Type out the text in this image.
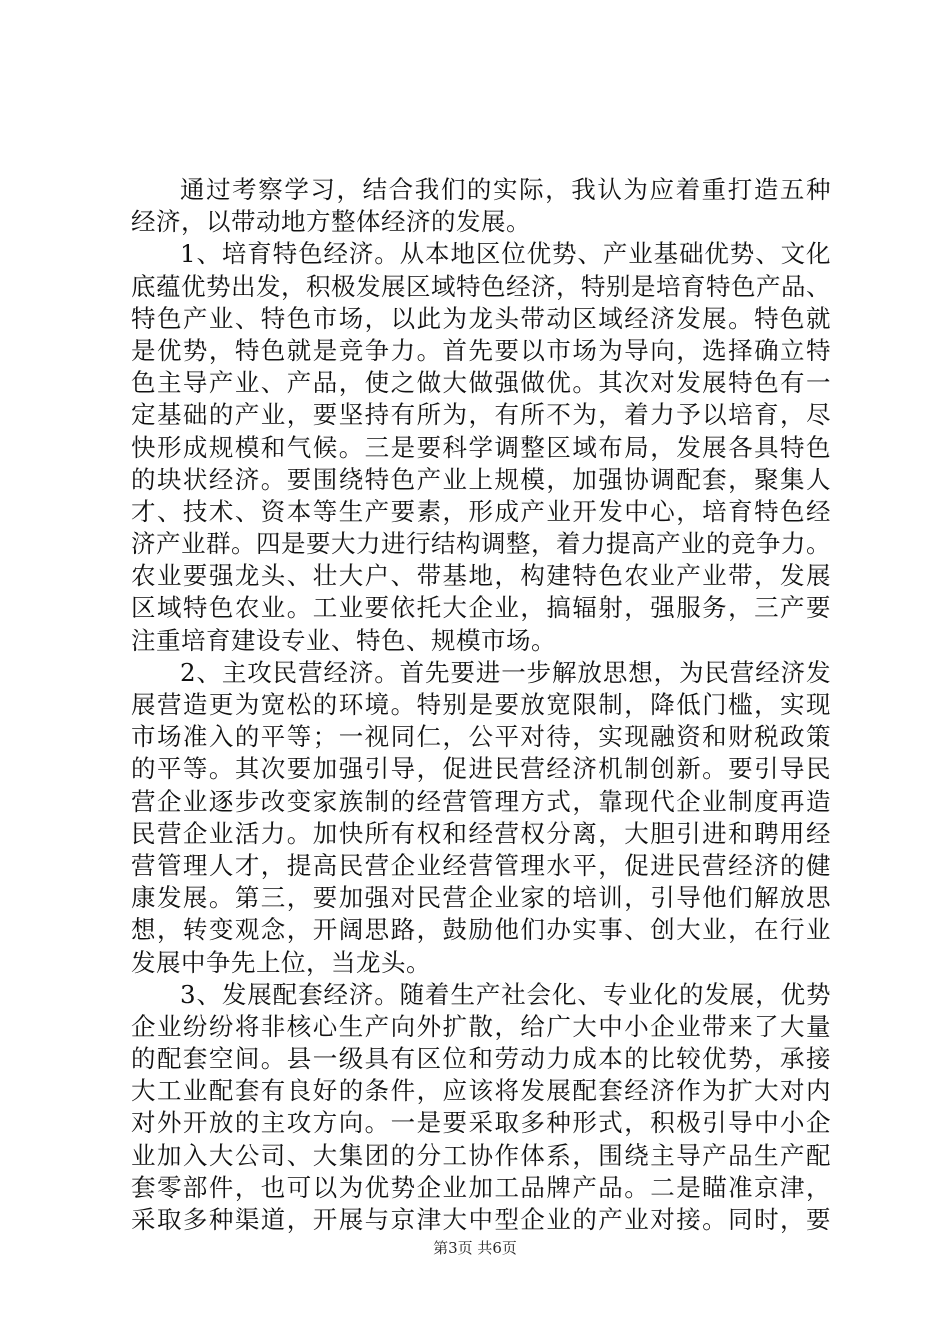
通过考察学习，结合我们的实际，我认为应着重打造五种
经济，以带动地方整体经济的发展。
1、培育特色经济。从本地区位优势、产业基础优势、文化
底蕴优势出发，积极发展区域特色经济，特别是培育特色产品、
特色产业、特色市场，以此为龙头带动区域经济发展。特色就
是优势，特色就是竞争力。首先要以市场为导向，选择确立特
色主导产业、产品，使之做大做强做优。其次对发展特色有一
定基础的产业，要坚持有所为，有所不为，着力予以培育，尽
快形成规模和气候。三是要科学调整区域布局，发展各具特色
的块状经济。要围绕特色产业上规模，加强协调配套，聚集人
才、技术、资本等生产要素，形成产业开发中心，培育特色经
济产业群。四是要大力进行结构调整，着力提高产业的竞争力。
农业要强龙头、壮大户、带基地，构建特色农业产业带，发展
区域特色农业。工业要依托大企业，搞辐射，强服务，三产要
注重培育建设专业、特色、规模市场。
2、主攻民营经济。首先要进一步解放思想，为民营经济发
展营造更为宽松的环境。特别是要放宽限制，降低门槛，实现
市场准入的平等；一视同仁，公平对待，实现融资和财税政策
的平等。其次要加强引导，促进民营经济机制创新。要引导民
营企业逐步改变家族制的经营管理方式，靠现代企业制度再造
民营企业活力。加快所有权和经营权分离，大胆引进和聘用经
营管理人才，提高民营企业经营管理水平，促进民营经济的健
康发展。第三，要加强对民营企业家的培训，引导他们解放思
想，转变观念，开阔思路，鼓励他们办实事、创大业，在行业
发展中争先上位，当龙头。
3、发展配套经济。随着生产社会化、专业化的发展，优势
企业纷纷将非核心生产向外扩散，给广大中小企业带来了大量
的配套空间。县一级具有区位和劳动力成本的比较优势，承接
大工业配套有良好的条件，应该将发展配套经济作为扩大对内
对外开放的主攻方向。一是要采取多种形式，积极引导中小企
业加入大公司、大集团的分工协作体系，围绕主导产品生产配
套零部件，也可以为优势企业加工品牌产品。二是瞄准京津，
采取多种渠道，开展与京津大中型企业的产业对接。同时，要
第3页 共6页
